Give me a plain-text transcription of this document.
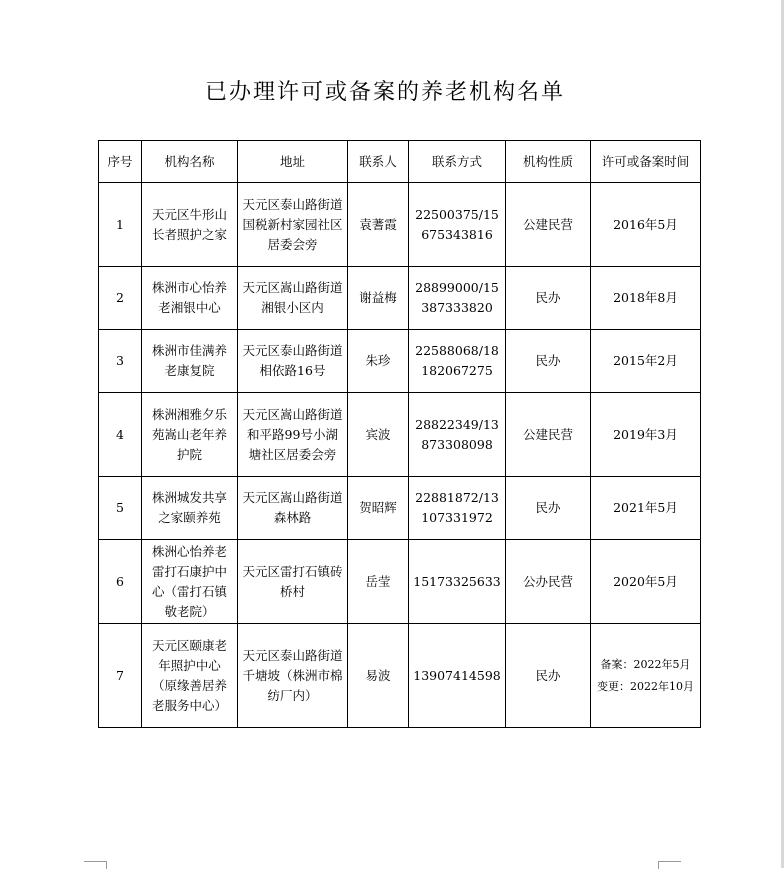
已办理许可或备案的养老机构名单
序号	机构名称	地址	联系人	联系方式	机构性质	许可或备案时间
1	天元区牛形山长者照护之家	天元区泰山路街道国税新村家园社区居委会旁	袁蓍霞	22500375/15675343816	公建民营	2016年5月
2	株洲市心怡养老湘银中心	天元区嵩山路街道湘银小区内	谢益梅	28899000/15387333820	民办	2018年8月
3	株洲市佳满养老康复院	天元区泰山路街道相依路16号	朱珍	22588068/18182067275	民办	2015年2月
4	株洲湘雅夕乐苑嵩山老年养护院	天元区嵩山路街道和平路99号小湖塘社区居委会旁	宾波	28822349/13873308098	公建民营	2019年3月
5	株洲城发共享之家颐养苑	天元区嵩山路街道森林路	贺昭辉	22881872/13107331972	民办	2021年5月
6	株洲心怡养老雷打石康护中心（雷打石镇敬老院）	天元区雷打石镇砖桥村	岳莹	15173325633	公办民营	2020年5月
7	天元区颐康老年照护中心（原缘善居养老服务中心）	天元区泰山路街道千塘坡（株洲市棉纺厂内）	易波	13907414598	民办	备案：2022年5月
变更：2022年10月
